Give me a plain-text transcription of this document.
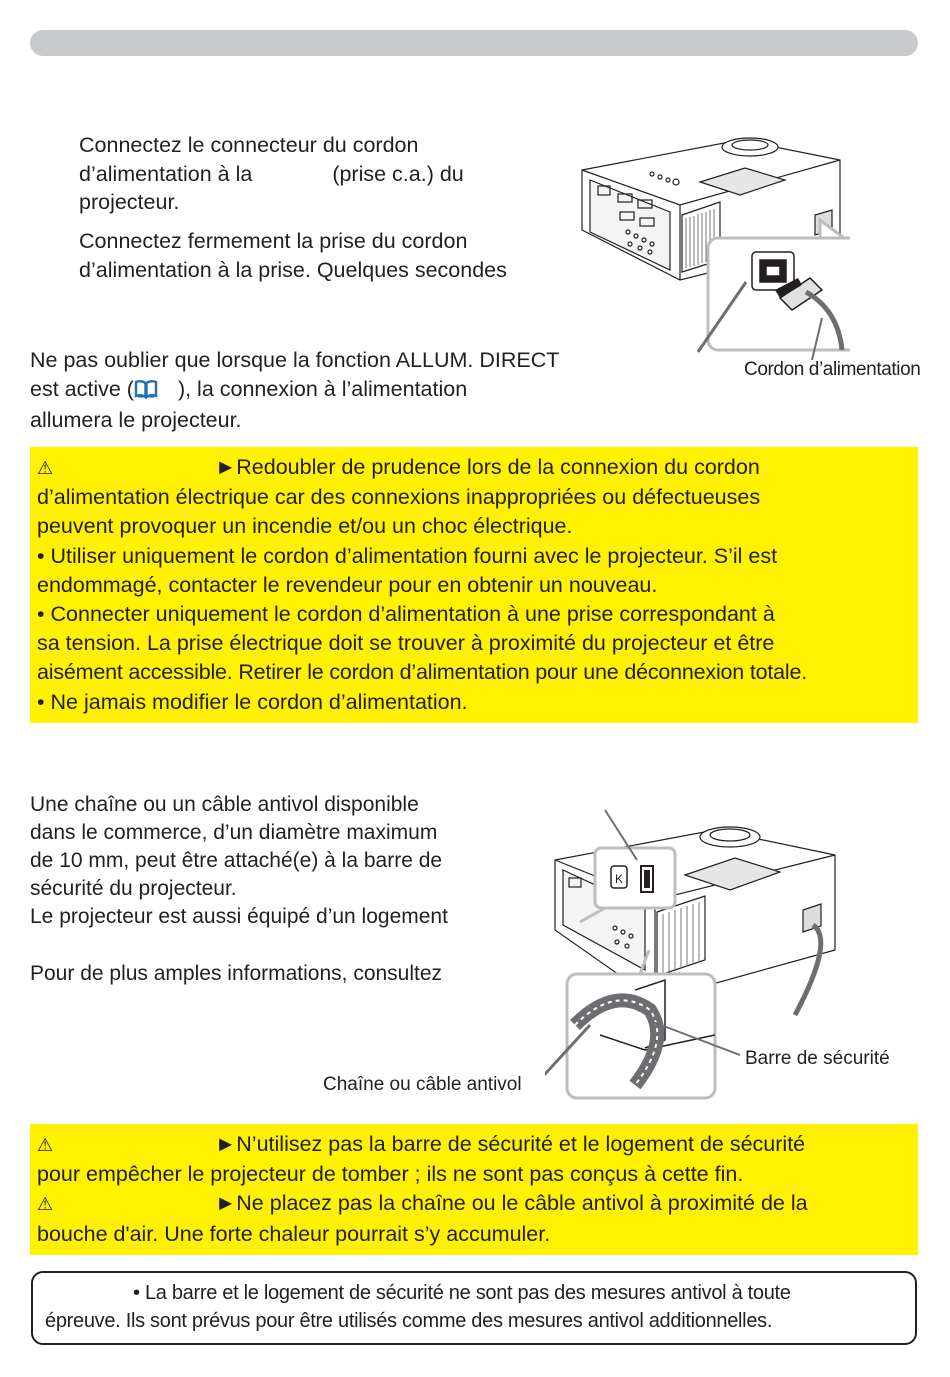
Connectez le connecteur du cordon

d’alimentation à la	(prise c.a.) du

projecteur.

Connectez fermement la prise du cordon

d’alimentation à la prise. Quelques secondes

Ne pas oublier que lorsque la fonction ALLUM. DIRECT

est active ( ), la connexion à l’alimentation

allumera le projecteur.

Cordon d’alimentation

⚠	►Redoubler de prudence lors de la connexion du cordon

d’alimentation électrique car des connexions inappropriées ou défectueuses

peuvent provoquer un incendie et/ou un choc électrique.

• Utiliser uniquement le cordon d’alimentation fourni avec le projecteur. S’il est

endommagé, contacter le revendeur pour en obtenir un nouveau.

• Connecter uniquement le cordon d’alimentation à une prise correspondant à

sa tension. La prise électrique doit se trouver à proximité du projecteur et être

aisément accessible. Retirer le cordon d’alimentation pour une déconnexion totale.

• Ne jamais modifier le cordon d’alimentation.

Une chaîne ou un câble antivol disponible

dans le commerce, d’un diamètre maximum

de 10 mm, peut être attaché(e) à la barre de

sécurité du projecteur.

Le projecteur est aussi équipé d’un logement

Pour de plus amples informations, consultez
K
Barre de sécurité
Chaîne ou câble antivol

⚠	►N’utilisez pas la barre de sécurité et le logement de sécurité

pour empêcher le projecteur de tomber ; ils ne sont pas conçus à cette fin.

⚠	►Ne placez pas la chaîne ou le câble antivol à proximité de la

bouche d'air. Une forte chaleur pourrait s’y accumuler.

• La barre et le logement de sécurité ne sont pas des mesures antivol à toute
épreuve. Ils sont prévus pour être utilisés comme des mesures antivol additionnelles.
